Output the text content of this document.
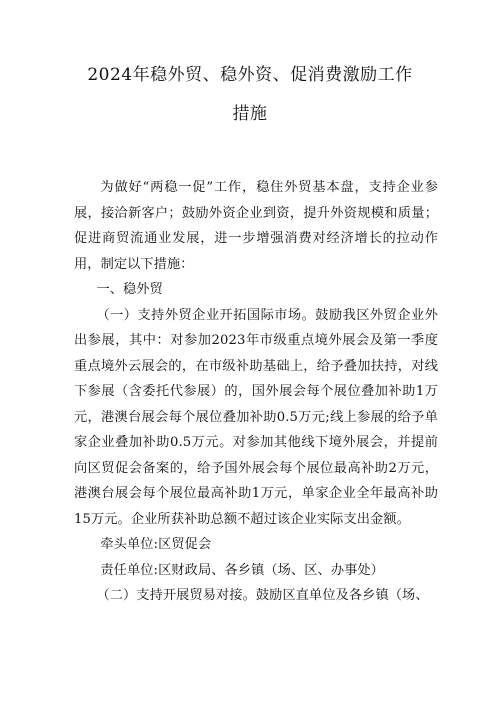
2024年稳外贸、稳外资、促消费激励工作
措施

为做好“两稳一促”工作，稳住外贸基本盘，支持企业参展，接洽新客户；鼓励外资企业到资，提升外资规模和质量；促进商贸流通业发展，进一步增强消费对经济增长的拉动作用，制定以下措施：

一、稳外贸

（一）支持外贸企业开拓国际市场。鼓励我区外贸企业外出参展，其中：对参加2023年市级重点境外展会及第一季度重点境外云展会的，在市级补助基础上，给予叠加扶持，对线下参展（含委托代参展）的，国外展会每个展位叠加补助1万元，港澳台展会每个展位叠加补助0.5万元;线上参展的给予单家企业叠加补助0.5万元。对参加其他线下境外展会，并提前向区贸促会备案的，给予国外展会每个展位最高补助2万元，港澳台展会每个展位最高补助1万元，单家企业全年最高补助15万元。企业所获补助总额不超过该企业实际支出金额。

牵头单位:区贸促会

责任单位:区财政局、各乡镇（场、区、办事处）

（二）支持开展贸易对接。鼓励区直单位及各乡镇（场、
